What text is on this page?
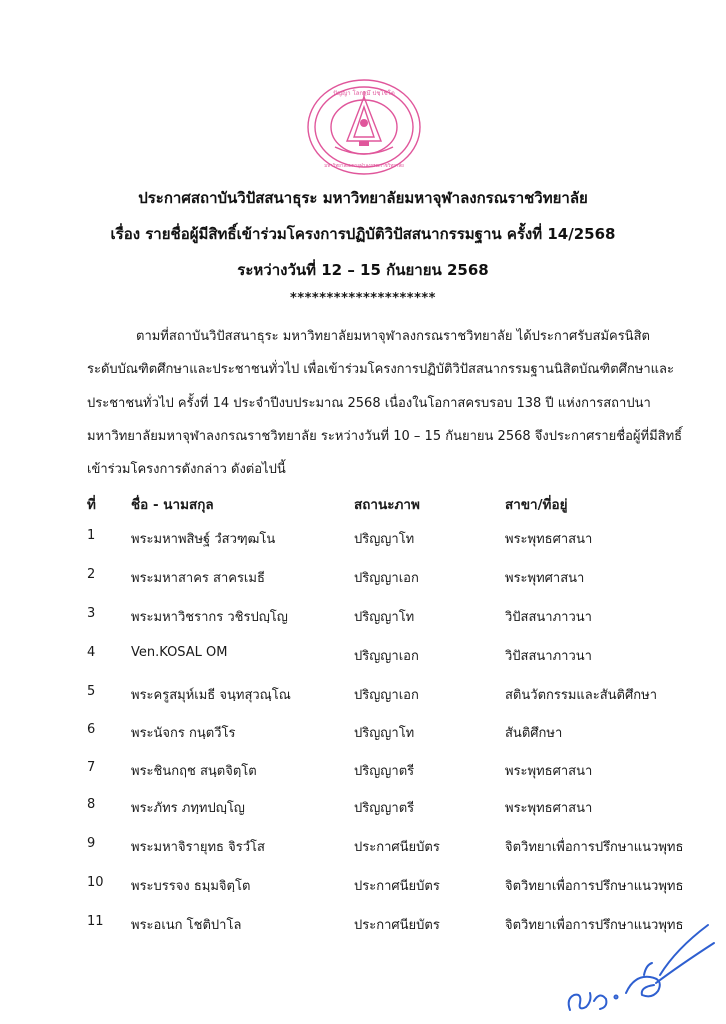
ปัญญา โลกสฺมึ ปชฺโชโต
มหาวิทยาลัยมหาจุฬาลงกรณราชวิทยาลัย
ประกาศสถาบันวิปัสสนาธุระ มหาวิทยาลัยมหาจุฬาลงกรณราชวิทยาลัย
เรื่อง รายชื่อผู้มีสิทธิ์เข้าร่วมโครงการปฏิบัติวิปัสสนากรรมฐาน ครั้งที่ 14/2568
ระหว่างวันที่ 12 – 15 กันยายน 2568
********************
ตามที่สถาบันวิปัสสนาธุระ มหาวิทยาลัยมหาจุฬาลงกรณราชวิทยาลัย ได้ประกาศรับสมัครนิสิต
ระดับบัณฑิตศึกษาและประชาชนทั่วไป เพื่อเข้าร่วมโครงการปฏิบัติวิปัสสนากรรมฐานนิสิตบัณฑิตศึกษาและ
ประชาชนทั่วไป ครั้งที่ 14 ประจำปีงบประมาณ 2568 เนื่องในโอกาสครบรอบ 138 ปี แห่งการสถาปนา
มหาวิทยาลัยมหาจุฬาลงกรณราชวิทยาลัย ระหว่างวันที่ 10 – 15 กันยายน 2568 จึงประกาศรายชื่อผู้ที่มีสิทธิ์
เข้าร่วมโครงการดังกล่าว ดังต่อไปนี้
ที่	ชื่อ - นามสกุล	สถานะภาพ	สาขา/ที่อยู่
1	พระมหาพสิษฐ์ วํสวฑฺฒโน	ปริญญาโท	พระพุทธศาสนา
2	พระมหาสาคร สาครเมธี	ปริญญาเอก	พระพุทศาสนา
3	พระมหาวิชรากร วชิรปญฺโญ	ปริญญาโท	วิปัสสนาภาวนา
4	Ven.KOSAL OM	ปริญญาเอก	วิปัสสนาภาวนา
5	พระครูสมุห์เมธี จนฺทสุวณฺโณ	ปริญญาเอก	สตินวัตกรรมและสันติศึกษา
6	พระนัจกร กนฺตวีโร	ปริญญาโท	สันติศึกษา
7	พระชินกฤช สนฺตจิตฺโต	ปริญญาตรี	พระพุทธศาสนา
8	พระภัทร ภทฺทปญฺโญ	ปริญญาตรี	พระพุทธศาสนา
9	พระมหาจิรายุทธ จิรวํโส	ประกาศนียบัตร	จิตวิทยาเพื่อการปรึกษาแนวพุทธ
10 พระบรรจง ธมฺมจิตฺโต	ประกาศนียบัตร	จิตวิทยาเพื่อการปรึกษาแนวพุทธ
11 พระอเนก โชติปาโล	ประกาศนียบัตร	จิตวิทยาเพื่อการปรึกษาแนวพุทธ
